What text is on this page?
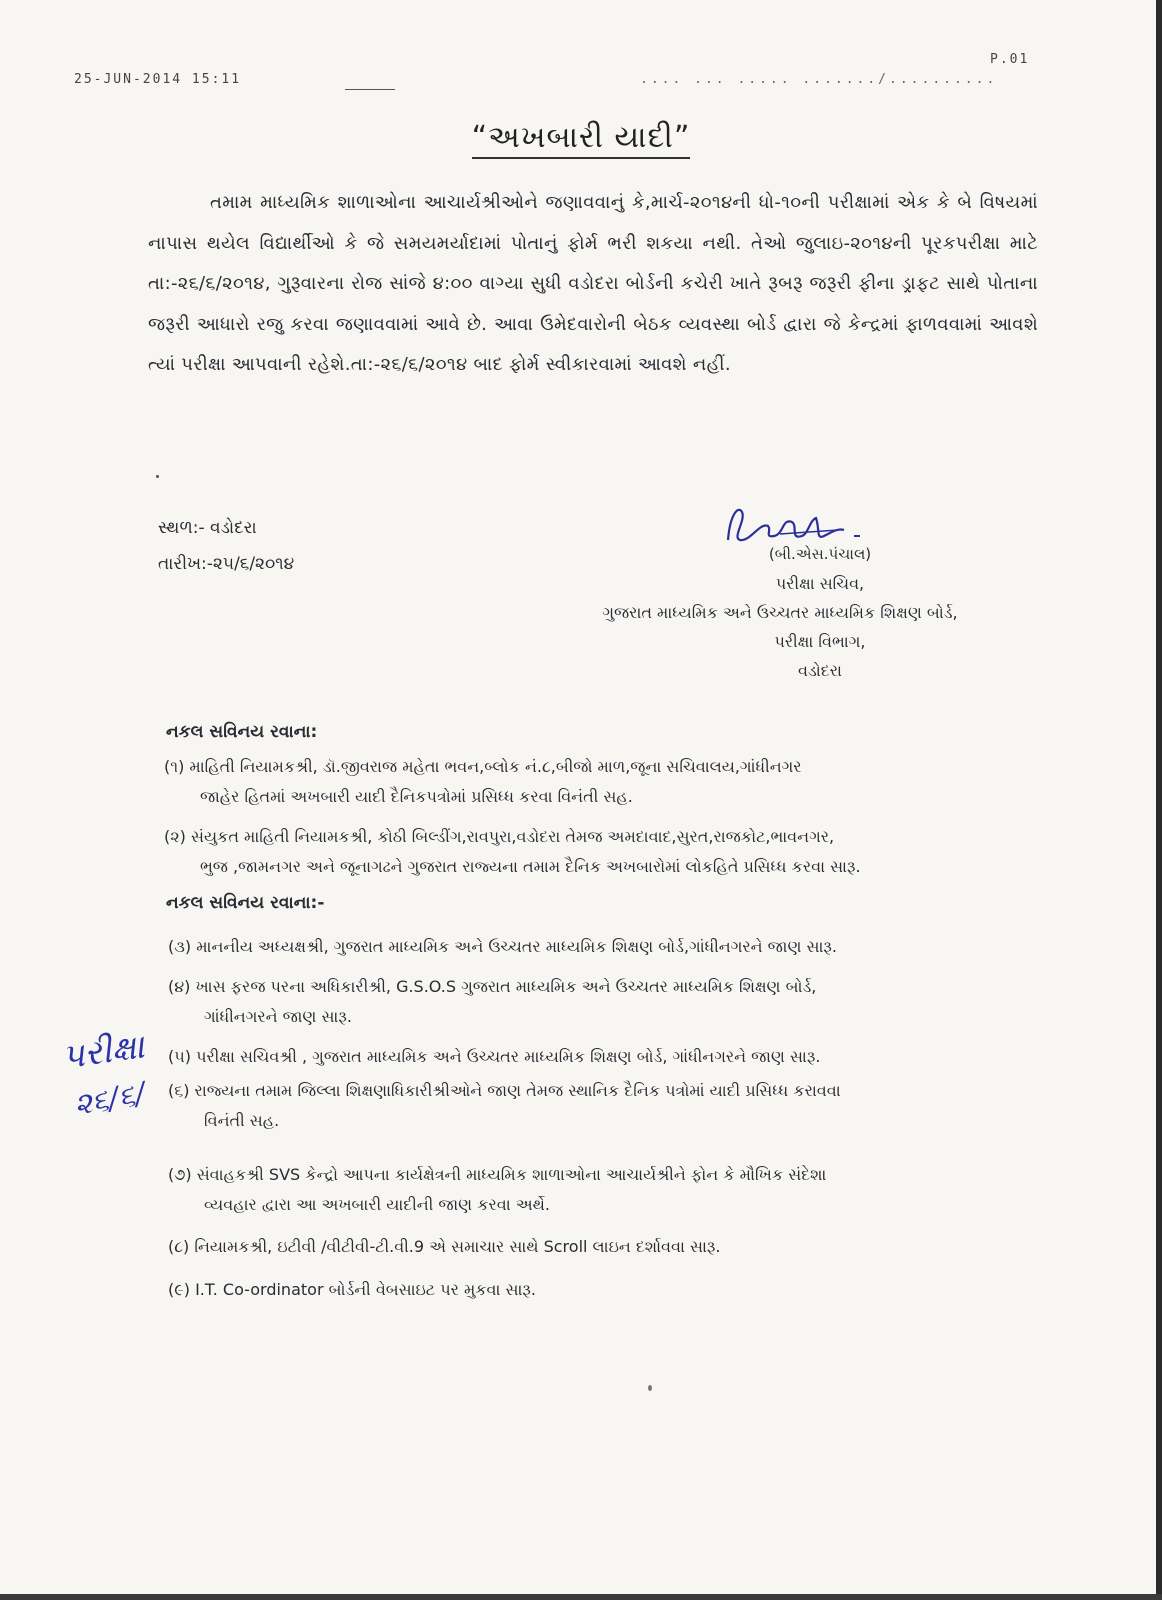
25-JUN-2014 15:11
P.01
.... ... ..... ......./..........
“અખબારી યાદી”
તમામ માધ્યમિક શાળાઓના આચાર્યશ્રીઓને જણાવવાનું કે,માર્ચ-૨૦૧૪ની ધો-૧૦ની પરીક્ષામાં એક કે બે વિષયમાં નાપાસ થયેલ વિદ્યાર્થીઓ કે જે સમયમર્યાદામાં પોતાનું ફોર્મ ભરી શકયા નથી. તેઓ જુલાઇ-૨૦૧૪ની પૂરકપરીક્ષા માટે તા:-૨૬/૬/૨૦૧૪, ગુરૂવારના રોજ સાંજે ૪:૦૦ વાગ્યા સુધી વડોદરા બોર્ડની કચેરી ખાતે રૂબરૂ જરૂરી ફીના ડ્રાફટ સાથે પોતાના જરૂરી આધારો રજુ કરવા જણાવવામાં આવે છે. આવા ઉમેદવારોની બેઠક વ્યવસ્થા બોર્ડ દ્વારા જે કેન્દ્રમાં ફાળવવામાં આવશે ત્યાં પરીક્ષા આપવાની રહેશે.તા:-૨૬/૬/૨૦૧૪ બાદ ફોર્મ સ્વીકારવામાં આવશે નહીં.
સ્થળ:- વડોદરા
તારીખ:-૨૫/૬/૨૦૧૪	(બી.એસ.પંચાલ)
પરીક્ષા સચિવ,
ગુજરાત માધ્યમિક અને ઉચ્ચતર માધ્યમિક શિક્ષણ બોર્ડ,
પરીક્ષા વિભાગ,
વડોદરા
નકલ સવિનય રવાના:
(૧) માહિતી નિયામકશ્રી, ડૉ.જીવરાજ મહેતા ભવન,બ્લોક નં.૮,બીજો માળ,જૂના સચિવાલય,ગાંધીનગર
જાહેર હિતમાં અખબારી યાદી દૈનિકપત્રોમાં પ્રસિધ્ધ કરવા વિનંતી સહ.
(૨) સંયુકત માહિતી નિયામકશ્રી, કોઠી બિલ્ડીંગ,રાવપુરા,વડોદરા તેમજ અમદાવાદ,સુરત,રાજકોટ,ભાવનગર,
ભુજ ,જામનગર અને જૂનાગઢને ગુજરાત રાજ્યના તમામ દૈનિક અખબારોમાં લોકહિતે પ્રસિધ્ધ કરવા સારૂ.
નકલ સવિનય રવાના:-
(૩) માનનીય અધ્યક્ષશ્રી, ગુજરાત માધ્યમિક અને ઉચ્ચતર માધ્યમિક શિક્ષણ બોર્ડ,ગાંધીનગરને જાણ સારૂ.
(૪) ખાસ ફરજ પરના અધિકારીશ્રી, G.S.O.S ગુજરાત માધ્યમિક અને ઉચ્ચતર માધ્યમિક શિક્ષણ બોર્ડ,
ગાંધીનગરને જાણ સારૂ.
(૫) પરીક્ષા સચિવશ્રી , ગુજરાત માધ્યમિક અને ઉચ્ચતર માધ્યમિક શિક્ષણ બોર્ડ, ગાંધીનગરને જાણ સારૂ.
(૬) રાજ્યના તમામ જિલ્લા શિક્ષણાધિકારીશ્રીઓને જાણ તેમજ સ્થાનિક દૈનિક પત્રોમાં યાદી પ્રસિધ્ધ કરાવવા
વિનંતી સહ.
(૭) સંવાહકશ્રી SVS કેન્દ્રો આપના કાર્યક્ષેત્રની માધ્યમિક શાળાઓના આચાર્યશ્રીને ફોન કે મૌખિક સંદેશા
વ્યવહાર દ્વારા આ અખબારી યાદીની જાણ કરવા અર્થે.
(૮) નિયામકશ્રી, ઇટીવી /વીટીવી-ટી.વી.9 એ સમાચાર સાથે Scroll લાઇન દર્શાવવા સારૂ.
(૯) I.T. Co-ordinator બોર્ડની વેબસાઇટ પર મુકવા સારૂ.
પરીક્ષા
૨૬/૬/
